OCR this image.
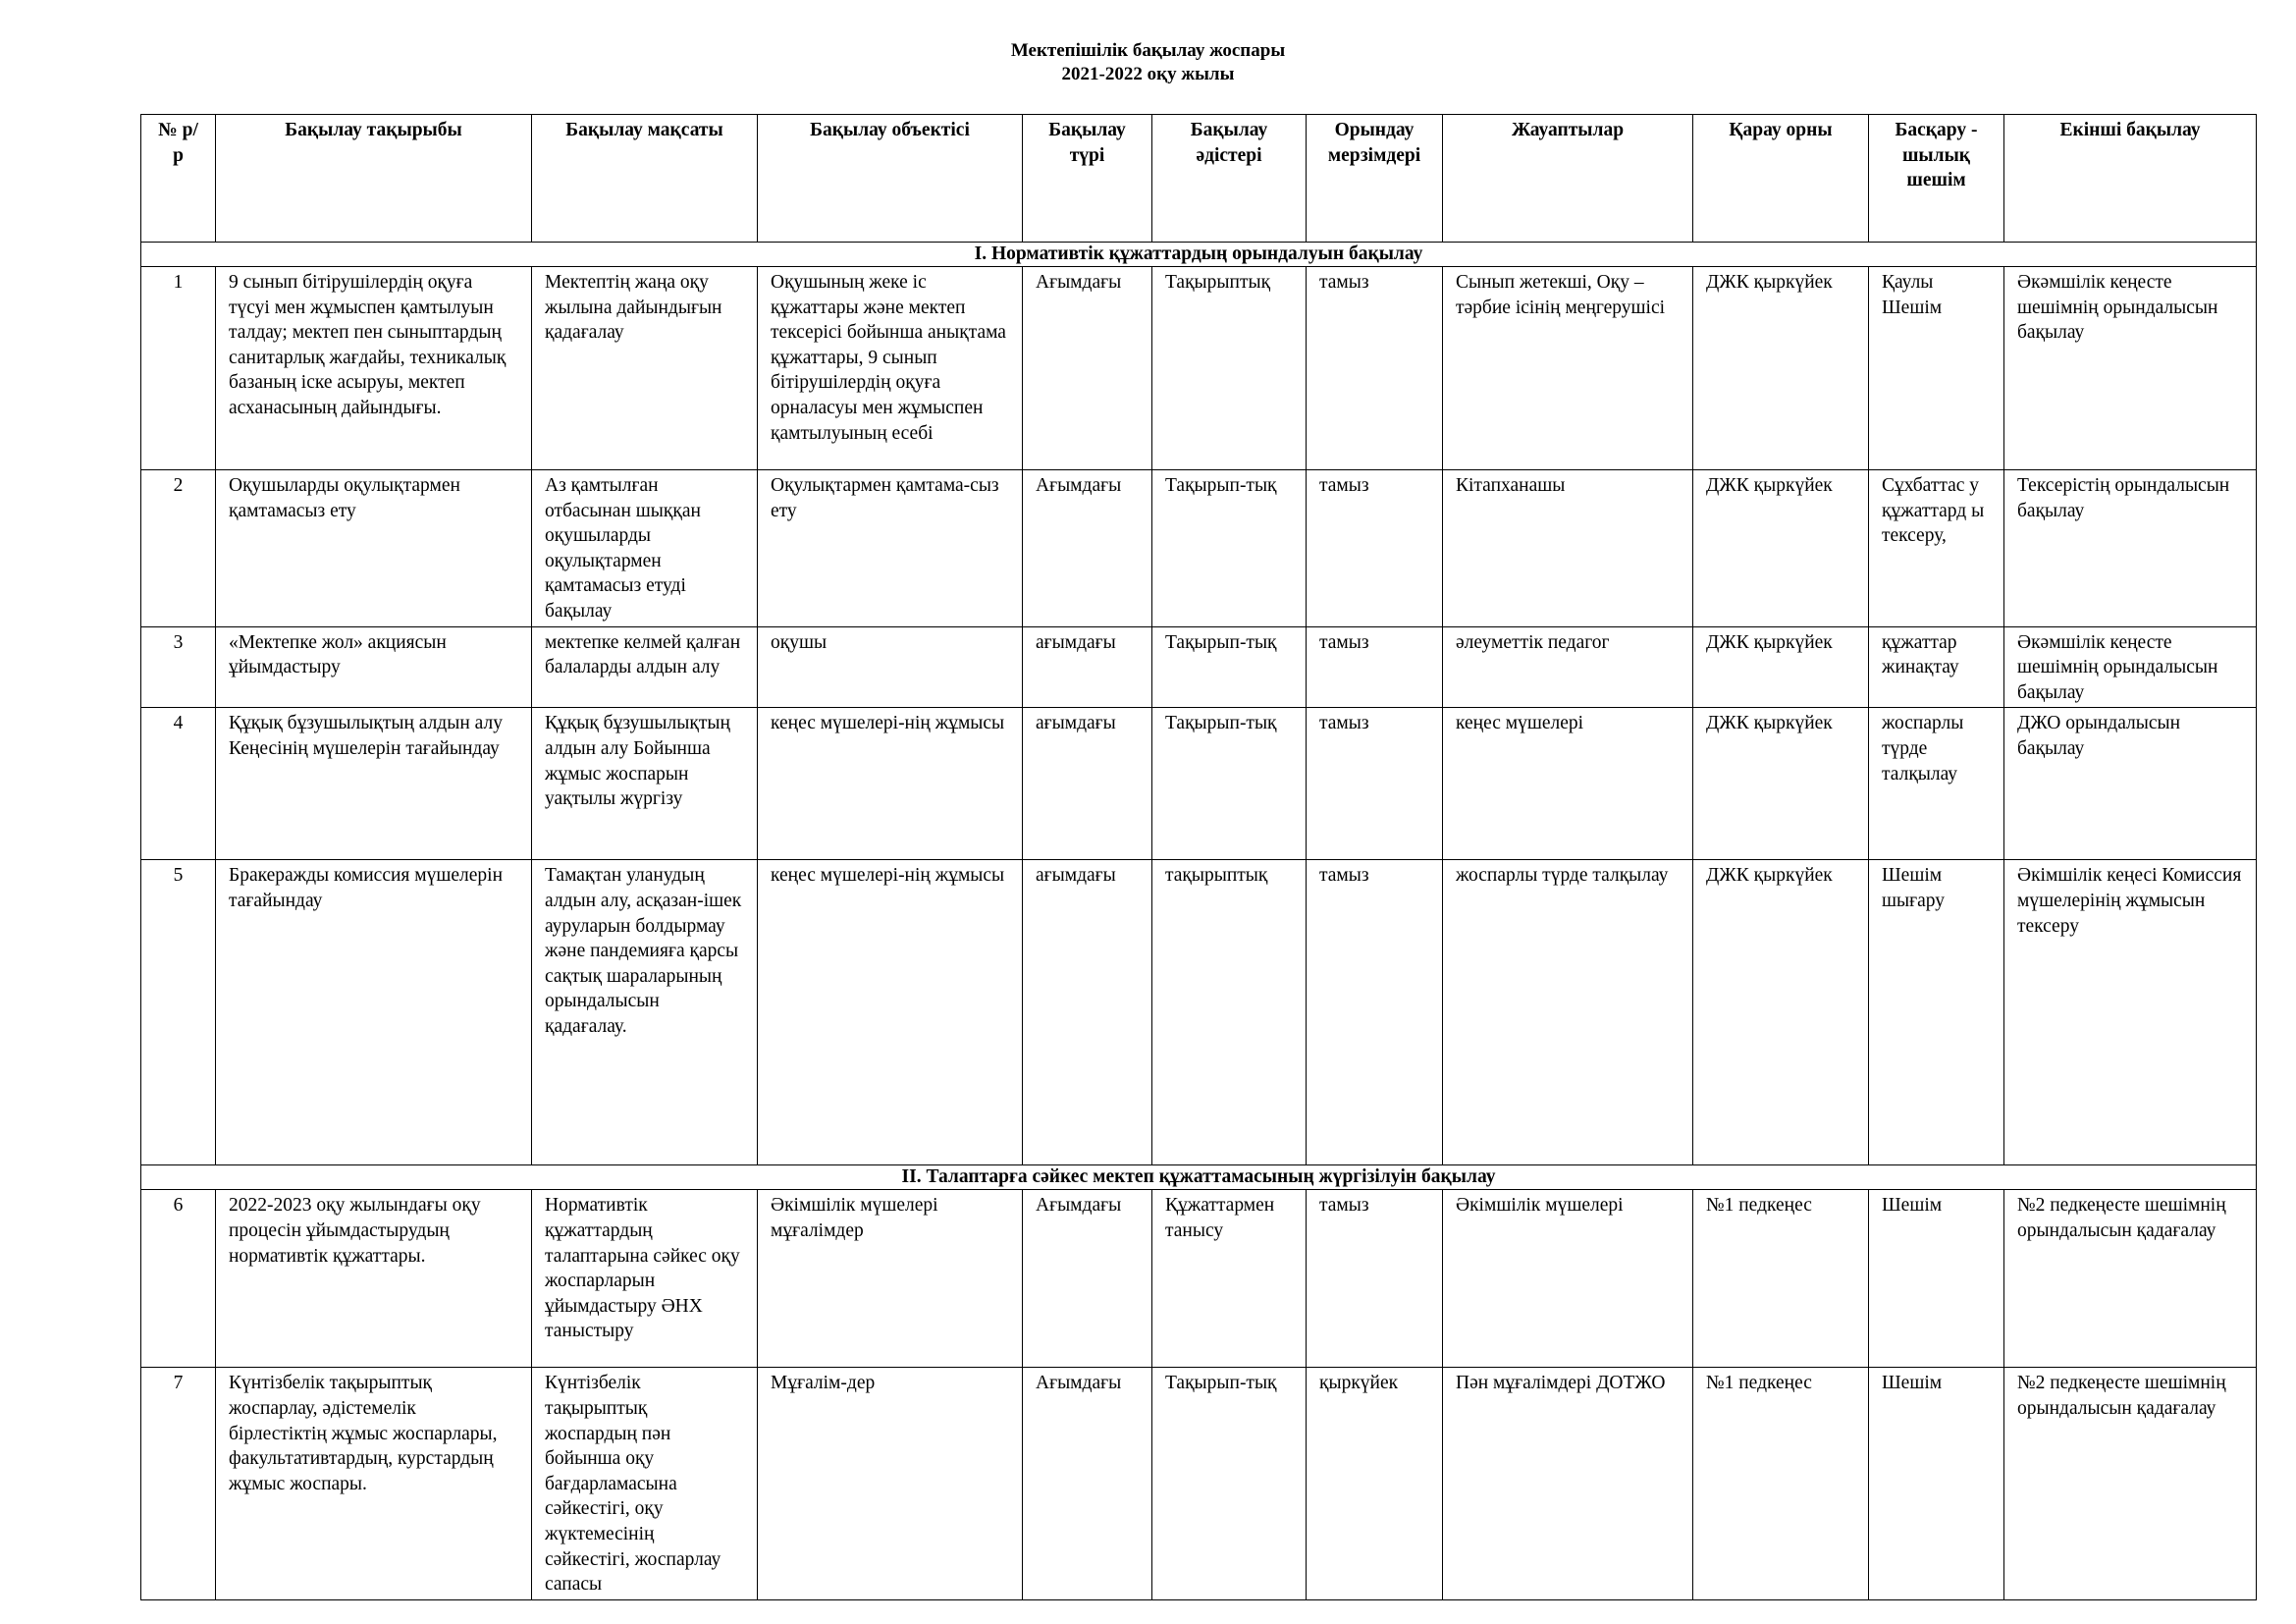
Мектепішілік бақылау жоспары
2021-2022 оқу жылы
№ р/р	Бақылау тақырыбы	Бақылау мақсаты	Бақылау объектісі	Бақылау түрі	Бақылау әдістері	Орындау мерзімдері	Жауаптылар	Қарау орны	Басқару - шылық шешім	Екінші бақылау
І. Нормативтік құжаттардың орындалуын бақылау										
1	9 сынып бітірушілердің оқуға түсуі мен жұмыспен қамтылуын талдау; мектеп пен сыныптардың санитарлық жағдайы, техникалық базаның іске асыруы, мектеп асханасының дайындығы.	Мектептің жаңа оқу жылына дайындығын қадағалау	Оқушының жеке іс құжаттары және мектеп тексерісі бойынша анықтама құжаттары, 9 сынып бітірушілердің оқуға орналасуы мен жұмыспен қамтылуының есебі	Ағымдағы	Тақырыптық	тамыз	Сынып жетекші, Оқу – тәрбие ісінің меңгерушісі	ДЖК қыркүйек	Қаулы Шешім	Әкәмшілік кеңесте шешімнің орындалысын бақылау
2	Оқушыларды оқулықтармен қамтамасыз ету	Аз қамтылған отбасынан шыққан оқушыларды оқулықтармен қамтамасыз етуді бақылау	Оқулықтармен қамтама-сыз ету	Ағымдағы	Тақырып-тық	тамыз	Кітапханашы	ДЖК қыркүйек	Сұхбаттас у құжаттард ы тексеру,	Тексерістің орындалысын бақылау
3	«Мектепке жол» акциясын ұйымдастыру	мектепке келмей қалған балаларды алдын алу	оқушы	ағымдағы	Тақырып-тық	тамыз	әлеуметтік педагог	ДЖК қыркүйек	құжаттар жинақтау	Әкәмшілік кеңесте шешімнің орындалысын бақылау
4	Құқық бұзушылықтың алдын алу Кеңесінің мүшелерін тағайындау	Құқық бұзушылықтың алдын алу Бойынша жұмыс жоспарын уақтылы жүргізу	кеңес мүшелері-нің жұмысы	ағымдағы	Тақырып-тық	тамыз	кеңес мүшелері	ДЖК қыркүйек	жоспарлы түрде талқылау	ДЖО орындалысын бақылау
5	Бракеражды комиссия мүшелерін тағайындау	Тамақтан уланудың алдын алу, асқазан-ішек ауруларын болдырмау және пандемияға қарсы сақтық шараларының орындалысын қадағалау.	кеңес мүшелері-нің жұмысы	ағымдағы	тақырыптық	тамыз	жоспарлы түрде талқылау	ДЖК қыркүйек	Шешім шығару	Әкімшілік кеңесі Комиссия мүшелерінің жұмысын тексеру
ІІ. Талаптарға сәйкес мектеп құжаттамасының жүргізілуін бақылау										
6	2022-2023 оқу жылындағы оқу процесін ұйымдастырудың нормативтік құжаттары.	Нормативтік құжаттардың талаптарына сәйкес оқу жоспарларын ұйымдастыру ӘНХ таныстыру	Әкімшілік мүшелері мұғалімдер	Ағымдағы	Құжаттармен танысу	тамыз	Әкімшілік мүшелері	№1 педкеңес	Шешім	№2 педкеңесте шешімнің орындалысын қадағалау
7	Күнтізбелік тақырыптық жоспарлау, әдістемелік бірлестіктің жұмыс жоспарлары, факультативтардың, курстардың жұмыс жоспары.	Күнтізбелік тақырыптық жоспардың пән бойынша оқу бағдарламасына сәйкестігі, оқу жүктемесінің сәйкестігі, жоспарлау сапасы	Мұғалім-дер	Ағымдағы	Тақырып-тық	қыркүйек	Пән мұғалімдері ДОТЖО	№1 педкеңес	Шешім	№2 педкеңесте шешімнің орындалысын қадағалау
